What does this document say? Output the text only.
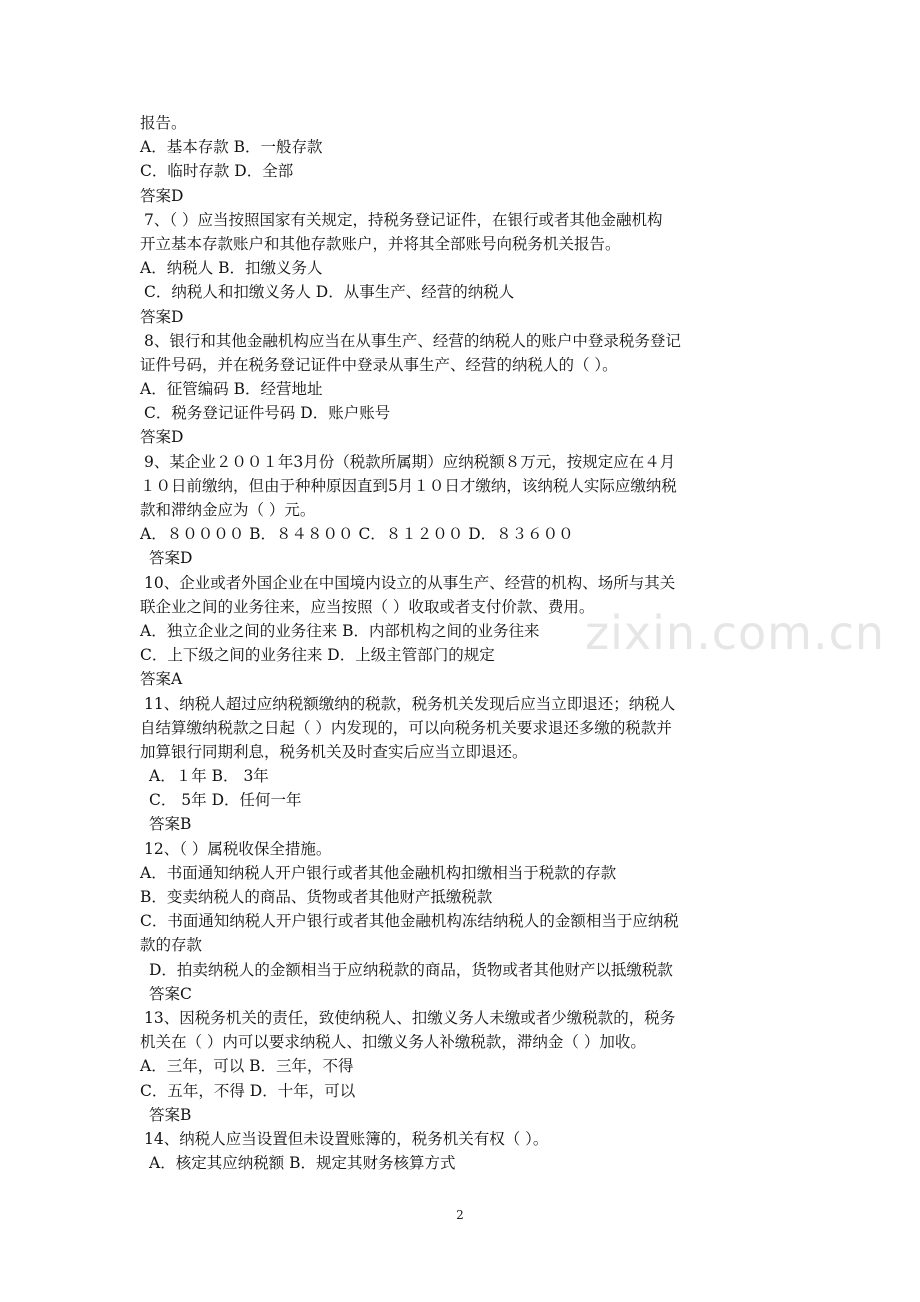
报告。
A．基本存款 B．一般存款
C．临时存款 D．全部
答案D
7、（ ）应当按照国家有关规定，持税务登记证件，在银行或者其他金融机构
开立基本存款账户和其他存款账户，并将其全部账号向税务机关报告。
A．纳税人 B．扣缴义务人
C．纳税人和扣缴义务人 D．从事生产、经营的纳税人
答案D
8、银行和其他金融机构应当在从事生产、经营的纳税人的账户中登录税务登记
证件号码，并在税务登记证件中登录从事生产、经营的纳税人的（ ）。
A．征管编码 B．经营地址
C．税务登记证件号码 D．账户账号
答案D
9、某企业２００１年3月份（税款所属期）应纳税额８万元，按规定应在４月
１０日前缴纳，但由于种种原因直到5月１０日才缴纳，该纳税人实际应缴纳税
款和滞纳金应为（ ）元。
A．８００００ B．８４８００ C．８１２００ D．８３６００
答案D
10、企业或者外国企业在中国境内设立的从事生产、经营的机构、场所与其关
联企业之间的业务往来，应当按照（ ）收取或者支付价款、费用。
A．独立企业之间的业务往来 B．内部机构之间的业务往来
C．上下级之间的业务往来 D．上级主管部门的规定
答案A
11、纳税人超过应纳税额缴纳的税款，税务机关发现后应当立即退还；纳税人
自结算缴纳税款之日起（ ）内发现的，可以向税务机关要求退还多缴的税款并
加算银行同期利息，税务机关及时查实后应当立即退还。
A．１年 B． 3年
C． 5年 D．任何一年
答案B
12、（ ）属税收保全措施。
A．书面通知纳税人开户银行或者其他金融机构扣缴相当于税款的存款
B．变卖纳税人的商品、货物或者其他财产抵缴税款
C．书面通知纳税人开户银行或者其他金融机构冻结纳税人的金额相当于应纳税
款的存款
D．拍卖纳税人的金额相当于应纳税款的商品，货物或者其他财产以抵缴税款
答案C
13、因税务机关的责任，致使纳税人、扣缴义务人未缴或者少缴税款的，税务
机关在（ ）内可以要求纳税人、扣缴义务人补缴税款，滞纳金（ ）加收。
A．三年，可以 B．三年，不得
C．五年，不得 D．十年，可以
答案B
14、纳税人应当设置但未设置账簿的，税务机关有权（ ）。
A．核定其应纳税额 B．规定其财务核算方式
zixin.com.cn
2
